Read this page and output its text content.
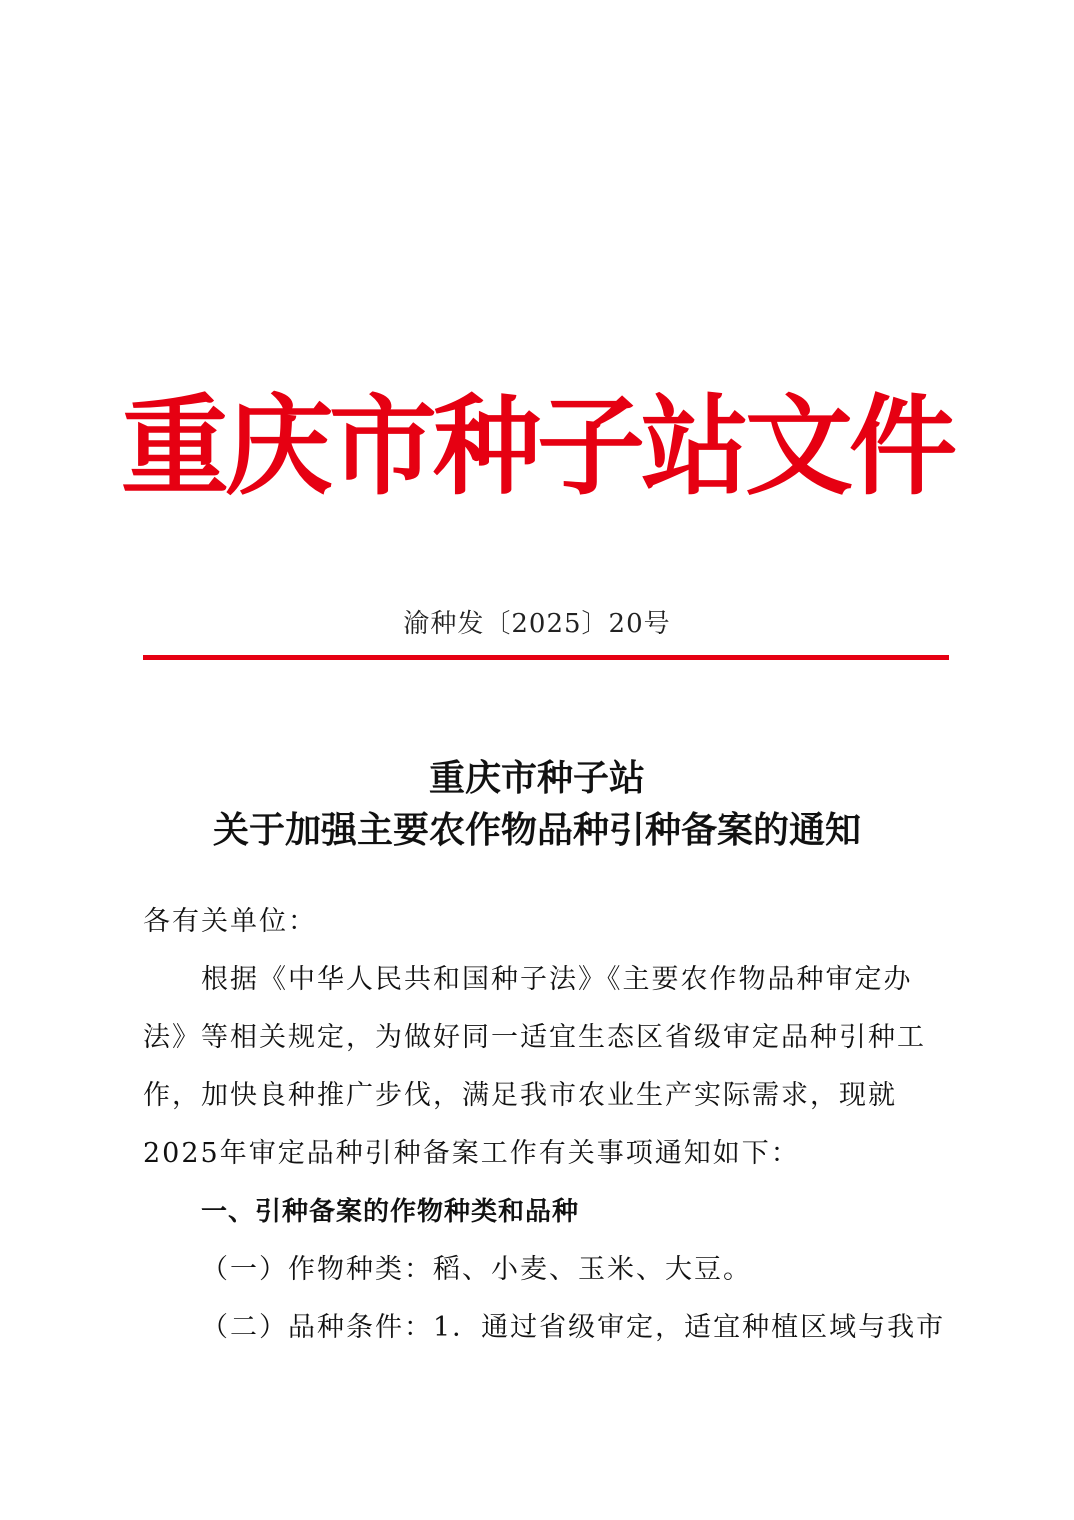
重庆市种子站文件
渝种发〔2025〕20号
重庆市种子站
关于加强主要农作物品种引种备案的通知

各有关单位：

根据《中华人民共和国种子法》《主要农作物品种审定办法》等相关规定，为做好同一适宜生态区省级审定品种引种工作，加快良种推广步伐，满足我市农业生产实际需求，现就2025年审定品种引种备案工作有关事项通知如下：

一、引种备案的作物种类和品种

（一）作物种类：稻、小麦、玉米、大豆。

（二）品种条件：1．通过省级审定，适宜种植区域与我市
